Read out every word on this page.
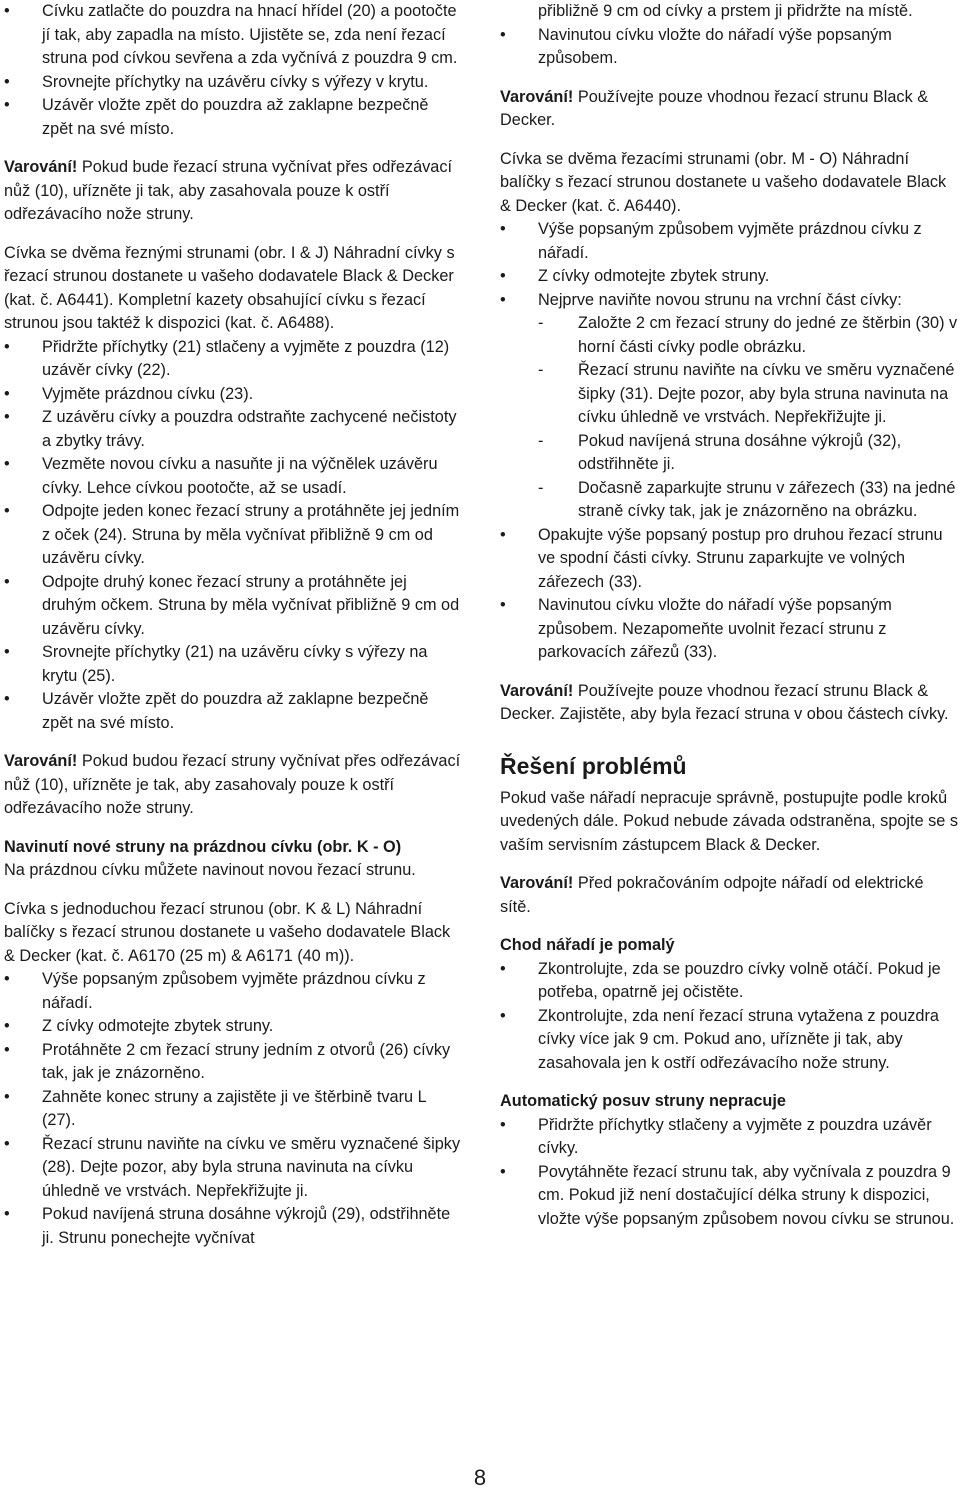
• Cívku zatlačte do pouzdra na hnací hřídel (20) a pootočte jí tak, aby zapadla na místo. Ujistěte se, zda není řezací struna pod cívkou sevřena a zda vyčnívá z pouzdra 9 cm.
• Srovnejte příchytky na uzávěru cívky s výřezy v krytu.
• Uzávěr vložte zpět do pouzdra až zaklapne bezpečně zpět na své místo.

Varování! Pokud bude řezací struna vyčnívat přes odřezávací nůž (10), uřízněte ji tak, aby zasahovala pouze k ostří odřezávacího nože struny.

Cívka se dvěma řeznými strunami (obr. I & J) Náhradní cívky s řezací strunou dostanete u vašeho dodavatele Black & Decker (kat. č. A6441). Kompletní kazety obsahující cívku s řezací strunou jsou taktéž k dispozici (kat. č. A6488).

• Přidržte příchytky (21) stlačeny a vyjměte z pouzdra (12) uzávěr cívky (22).
• Vyjměte prázdnou cívku (23).
• Z uzávěru cívky a pouzdra odstraňte zachycené nečistoty a zbytky trávy.
• Vezměte novou cívku a nasuňte ji na výčnělek uzávěru cívky. Lehce cívkou pootočte, až se usadí.
• Odpojte jeden konec řezací struny a protáhněte jej jedním z oček (24). Struna by měla vyčnívat přibližně 9 cm od uzávěru cívky.
• Odpojte druhý konec řezací struny a protáhněte jej druhým očkem. Struna by měla vyčnívat přibližně 9 cm od uzávěru cívky.
• Srovnejte příchytky (21) na uzávěru cívky s výřezy na krytu (25).
• Uzávěr vložte zpět do pouzdra až zaklapne bezpečně zpět na své místo.

Varování! Pokud budou řezací struny vyčnívat přes odřezávací nůž (10), uřízněte je tak, aby zasahovaly pouze k ostří odřezávacího nože struny.

Navinutí nové struny na prázdnou cívku (obr. K - O)

Na prázdnou cívku můžete navinout novou řezací strunu.

Cívka s jednoduchou řezací strunou (obr. K & L) Náhradní balíčky s řezací strunou dostanete u vašeho dodavatele Black & Decker (kat. č. A6170 (25 m) & A6171 (40 m)).

• Výše popsaným způsobem vyjměte prázdnou cívku z nářadí.
• Z cívky odmotejte zbytek struny.
• Protáhněte 2 cm řezací struny jedním z otvorů (26) cívky tak, jak je znázorněno.
• Zahněte konec struny a zajistěte ji ve štěrbině tvaru L (27).
• Řezací strunu naviňte na cívku ve směru vyznačené šipky (28). Dejte pozor, aby byla struna navinuta na cívku úhledně ve vrstvách. Nepřekřižujte ji.
• Pokud navíjená struna dosáhne výkrojů (29), odstřihněte ji. Strunu ponechejte vyčnívat
přibližně 9 cm od cívky a prstem ji přidržte na místě.
• Navinutou cívku vložte do nářadí výše popsaným způsobem.

Varování! Používejte pouze vhodnou řezací strunu Black & Decker.

Cívka se dvěma řezacími strunami (obr. M - O) Náhradní balíčky s řezací strunou dostanete u vašeho dodavatele Black & Decker (kat. č. A6440).

• Výše popsaným způsobem vyjměte prázdnou cívku z nářadí.
• Z cívky odmotejte zbytek struny.
• Nejprve naviňte novou strunu na vrchní část cívky:
- Založte 2 cm řezací struny do jedné ze štěrbin (30) v horní části cívky podle obrázku.
- Řezací strunu naviňte na cívku ve směru vyznačené šipky (31). Dejte pozor, aby byla struna navinuta na cívku úhledně ve vrstvách. Nepřekřižujte ji.
- Pokud navíjená struna dosáhne výkrojů (32), odstřihněte ji.
- Dočasně zaparkujte strunu v zářezech (33) na jedné straně cívky tak, jak je znázorněno na obrázku.
• Opakujte výše popsaný postup pro druhou řezací strunu ve spodní části cívky. Strunu zaparkujte ve volných zářezech (33).
• Navinutou cívku vložte do nářadí výše popsaným způsobem. Nezapomeňte uvolnit řezací strunu z parkovacích zářezů (33).

Varování! Používejte pouze vhodnou řezací strunu Black & Decker. Zajistěte, aby byla řezací struna v obou částech cívky.

Řešení problémů

Pokud vaše nářadí nepracuje správně, postupujte podle kroků uvedených dále. Pokud nebude závada odstraněna, spojte se s vaším servisním zástupcem Black & Decker.

Varování! Před pokračováním odpojte nářadí od elektrické sítě.

Chod nářadí je pomalý

• Zkontrolujte, zda se pouzdro cívky volně otáčí. Pokud je potřeba, opatrně jej očistěte.
• Zkontrolujte, zda není řezací struna vytažena z pouzdra cívky více jak 9 cm. Pokud ano, uřízněte ji tak, aby zasahovala jen k ostří odřezávacího nože struny.

Automatický posuv struny nepracuje

• Přidržte příchytky stlačeny a vyjměte z pouzdra uzávěr cívky.
• Povytáhněte řezací strunu tak, aby vyčnívala z pouzdra 9 cm. Pokud již není dostačující délka struny k dispozici, vložte výše popsaným způsobem novou cívku se strunou.
8
